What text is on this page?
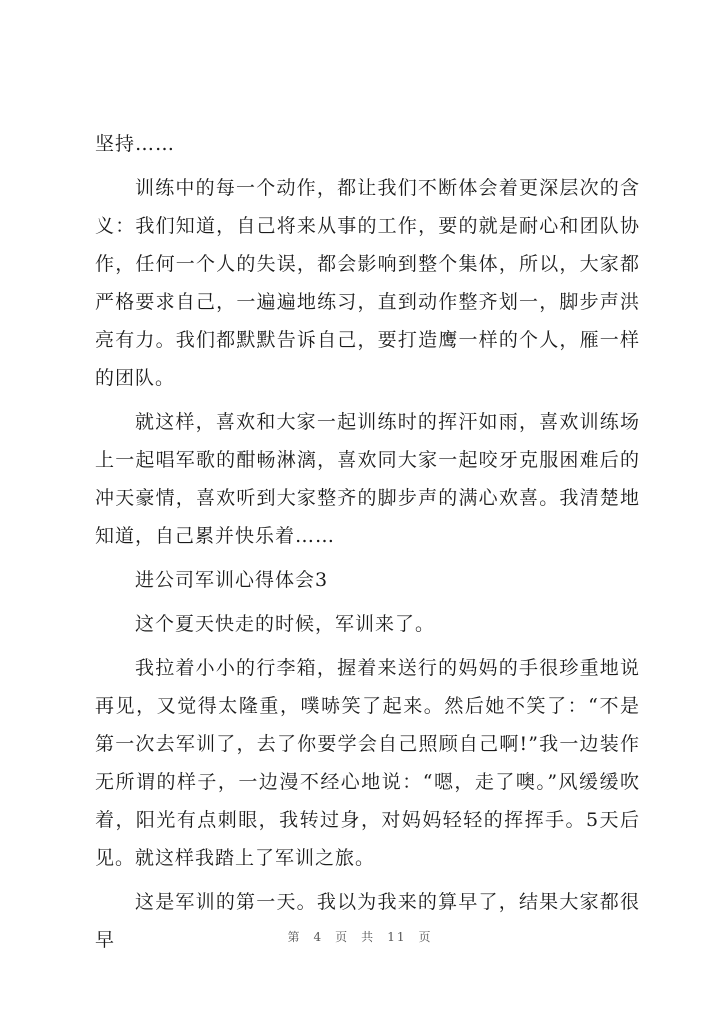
坚持……

训练中的每一个动作，都让我们不断体会着更深层次的含义：我们知道，自己将来从事的工作，要的就是耐心和团队协作，任何一个人的失误，都会影响到整个集体，所以，大家都严格要求自己，一遍遍地练习，直到动作整齐划一，脚步声洪亮有力。我们都默默告诉自己，要打造鹰一样的个人，雁一样的团队。

就这样，喜欢和大家一起训练时的挥汗如雨，喜欢训练场上一起唱军歌的酣畅淋漓，喜欢同大家一起咬牙克服困难后的冲天豪情，喜欢听到大家整齐的脚步声的满心欢喜。我清楚地知道，自己累并快乐着……

进公司军训心得体会3

这个夏天快走的时候，军训来了。

我拉着小小的行李箱，握着来送行的妈妈的手很珍重地说再见，又觉得太隆重，噗哧笑了起来。然后她不笑了：“不是第一次去军训了，去了你要学会自己照顾自己啊!”我一边装作无所谓的样子，一边漫不经心地说：“嗯，走了噢。”风缓缓吹着，阳光有点刺眼，我转过身，对妈妈轻轻的挥挥手。5天后见。就这样我踏上了军训之旅。

这是军训的第一天。我以为我来的算早了，结果大家都很早	第 4 页 共 11 页
